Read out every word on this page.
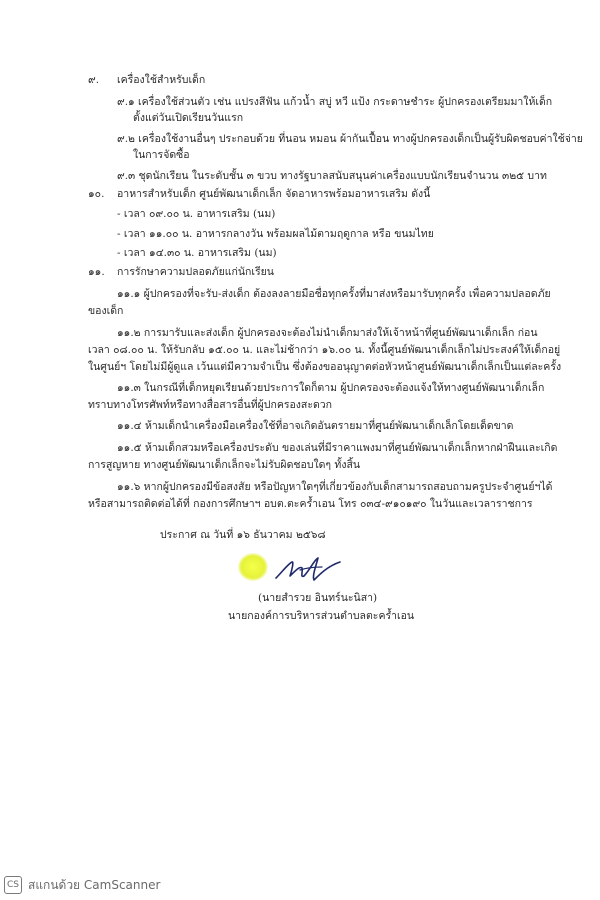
๙. เครื่องใช้สำหรับเด็ก
๙.๑ เครื่องใช้ส่วนตัว เช่น แปรงสีฟัน แก้วน้ำ สบู่ หวี แป้ง กระดาษชำระ ผู้ปกครองเตรียมมาให้เด็ก
ตั้งแต่วันเปิดเรียนวันแรก
๙.๒ เครื่องใช้งานอื่นๆ ประกอบด้วย ที่นอน หมอน ผ้ากันเปื้อน ทางผู้ปกครองเด็กเป็นผู้รับผิดชอบค่าใช้จ่าย
ในการจัดซื้อ
๙.๓ ชุดนักเรียน ในระดับชั้น ๓ ขวบ ทางรัฐบาลสนับสนุนค่าเครื่องแบบนักเรียนจำนวน ๓๒๕ บาท
๑๐. อาหารสำหรับเด็ก ศูนย์พัฒนาเด็กเล็ก จัดอาหารพร้อมอาหารเสริม ดังนี้
- เวลา ๐๙.๐๐ น. อาหารเสริม (นม)
- เวลา ๑๑.๐๐ น. อาหารกลางวัน พร้อมผลไม้ตามฤดูกาล หรือ ขนมไทย
- เวลา ๑๔.๓๐ น. อาหารเสริม (นม)
๑๑. การรักษาความปลอดภัยแก่นักเรียน
๑๑.๑ ผู้ปกครองที่จะรับ-ส่งเด็ก ต้องลงลายมือชื่อทุกครั้งที่มาส่งหรือมารับทุกครั้ง เพื่อความปลอดภัย
ของเด็ก
๑๑.๒ การมารับและส่งเด็ก ผู้ปกครองจะต้องไม่นำเด็กมาส่งให้เจ้าหน้าที่ศูนย์พัฒนาเด็กเล็ก ก่อน
เวลา ๐๘.๐๐ น. ให้รับกลับ ๑๕.๐๐ น. และไม่ช้ากว่า ๑๖.๐๐ น. ทั้งนี้ศูนย์พัฒนาเด็กเล็กไม่ประสงค์ให้เด็กอยู่
ในศูนย์ฯ โดยไม่มีผู้ดูแล เว้นแต่มีความจำเป็น ซึ่งต้องขออนุญาตต่อหัวหน้าศูนย์พัฒนาเด็กเล็กเป็นแต่ละครั้ง
๑๑.๓ ในกรณีที่เด็กหยุดเรียนด้วยประการใดก็ตาม ผู้ปกครองจะต้องแจ้งให้ทางศูนย์พัฒนาเด็กเล็ก
ทราบทางโทรศัพท์หรือทางสื่อสารอื่นที่ผู้ปกครองสะดวก
๑๑.๔ ห้ามเด็กนำเครื่องมือเครื่องใช้ที่อาจเกิดอันตรายมาที่ศูนย์พัฒนาเด็กเล็กโดยเด็ดขาด
๑๑.๕ ห้ามเด็กสวมหรือเครื่องประดับ ของเล่นที่มีราคาแพงมาที่ศูนย์พัฒนาเด็กเล็กหากฝ่าฝืนและเกิด
การสูญหาย ทางศูนย์พัฒนาเด็กเล็กจะไม่รับผิดชอบใดๆ ทั้งสิ้น
๑๑.๖ หากผู้ปกครองมีข้อสงสัย หรือปัญหาใดๆที่เกี่ยวข้องกับเด็กสามารถสอบถามครูประจำศูนย์ฯได้
หรือสามารถติดต่อได้ที่ กองการศึกษาฯ อบต.ตะคร้ำเอน โทร ๐๓๔-๙๑๐๑๙๐ ในวันและเวลาราชการ
ประกาศ ณ วันที่ ๑๖ ธันวาคม ๒๕๖๘
(นายสำรวย อินทร์นะนิสา)
นายกองค์การบริหารส่วนตำบลตะคร้ำเอน
CS สแกนด้วย CamScanner
